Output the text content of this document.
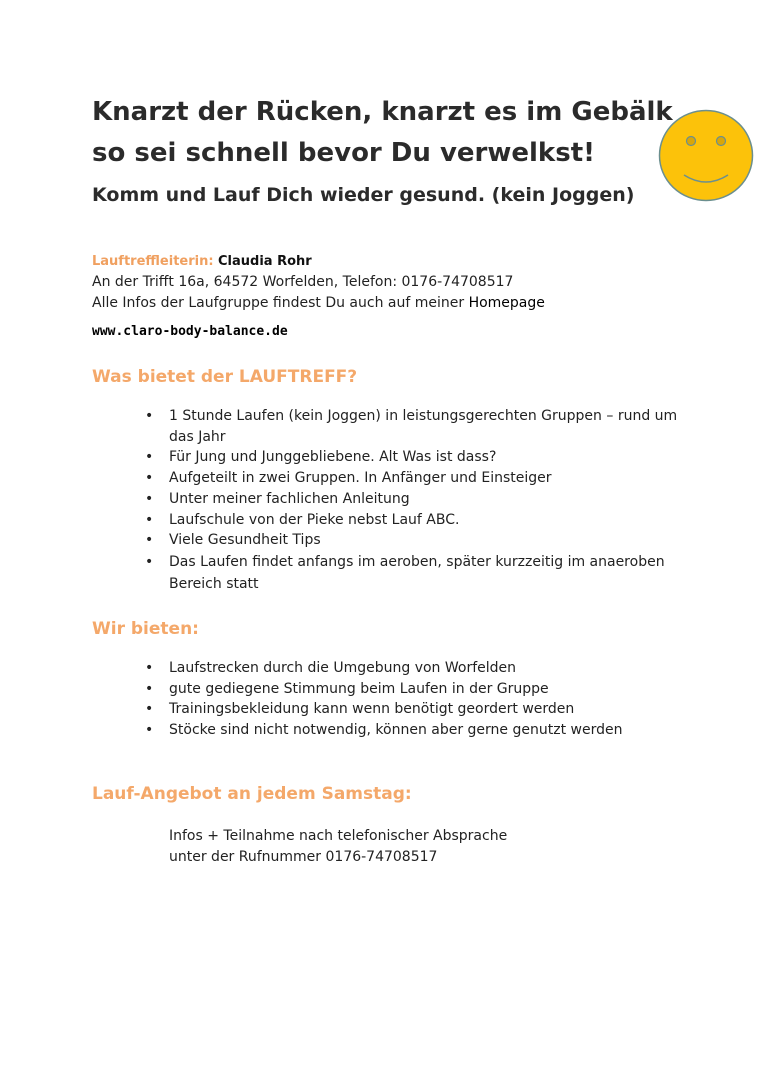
Knarzt der Rücken, knarzt es im Gebälk
so sei schnell bevor Du verwelkst!
Komm und Lauf Dich wieder gesund. (kein Joggen)
Lauftreffleiterin: Claudia Rohr
An der Trifft 16a, 64572 Worfelden, Telefon: 0176-74708517
Alle Infos der Laufgruppe findest Du auch auf meiner Homepage
www.claro-body-balance.de
Was bietet der LAUFTREFF?
• 1 Stunde Laufen (kein Joggen) in leistungsgerechten Gruppen – rund um
das Jahr
• Für Jung und Junggebliebene. Alt Was ist dass?
• Aufgeteilt in zwei Gruppen. In Anfänger und Einsteiger
• Unter meiner fachlichen Anleitung
• Laufschule von der Pieke nebst Lauf ABC.
• Viele Gesundheit Tips
• Das Laufen findet anfangs im aeroben, später kurzzeitig im anaeroben
Bereich statt
Wir bieten:
• Laufstrecken durch die Umgebung von Worfelden
• gute gediegene Stimmung beim Laufen in der Gruppe
• Trainingsbekleidung kann wenn benötigt geordert werden
• Stöcke sind nicht notwendig, können aber gerne genutzt werden
Lauf-Angebot an jedem Samstag:
Infos + Teilnahme nach telefonischer Absprache
unter der Rufnummer 0176-74708517
